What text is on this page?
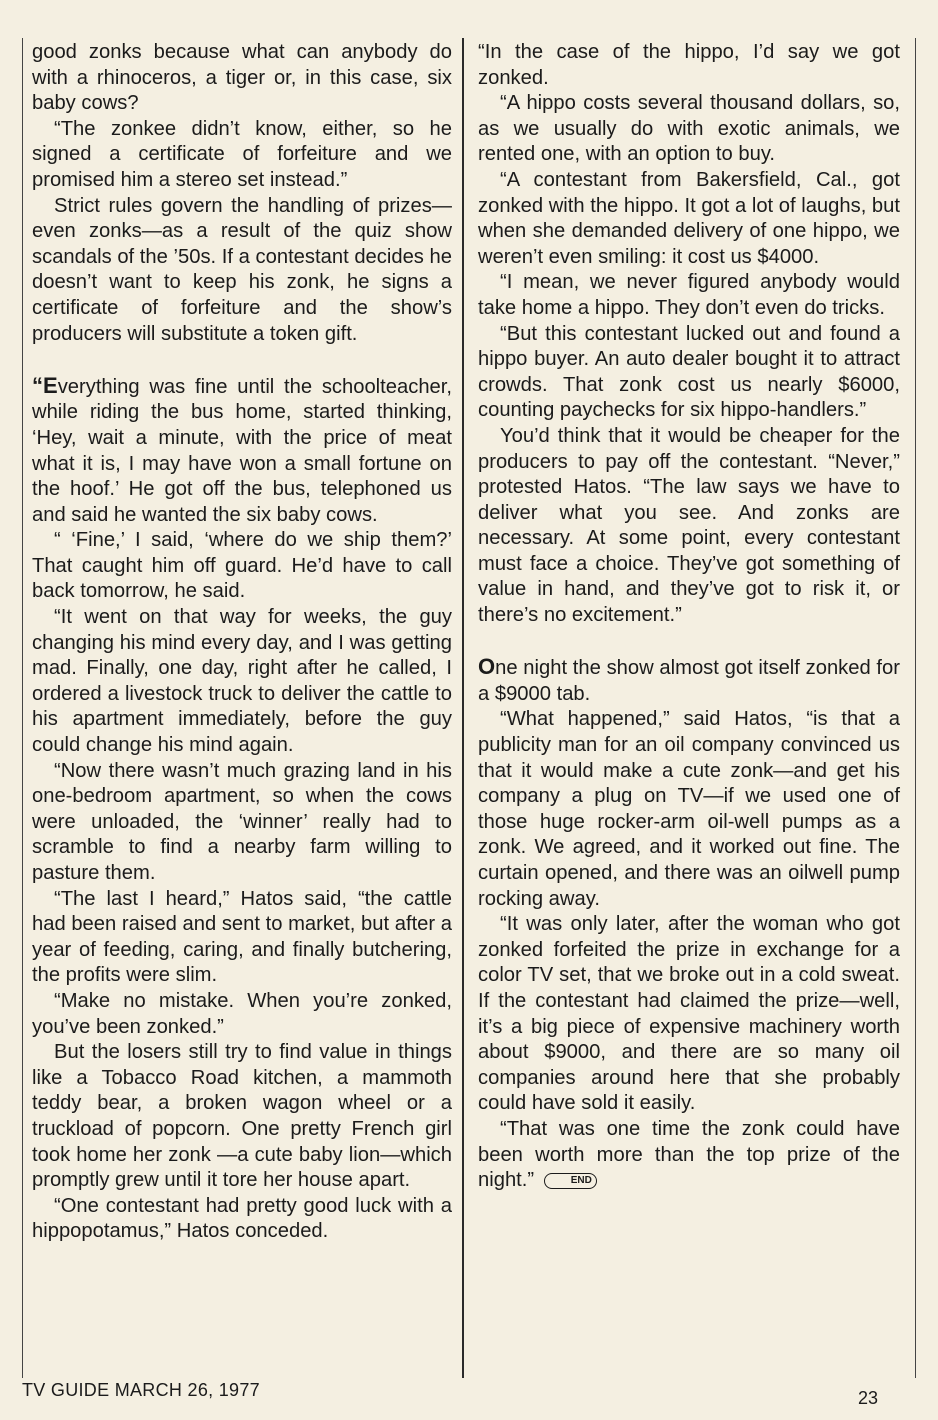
good zonks because what can anybody do with a rhinoceros, a tiger or, in this case, six baby cows?

“The zonkee didn’t know, either, so he signed a certificate of forfeiture and we promised him a stereo set instead.”

Strict rules govern the handling of prizes—even zonks—as a result of the quiz show scandals of the ’50s. If a contestant decides he doesn’t want to keep his zonk, he signs a certificate of forfeiture and the show’s producers will substitute a token gift.

“Everything was fine until the schoolteacher, while riding the bus home, started thinking, ‘Hey, wait a minute, with the price of meat what it is, I may have won a small fortune on the hoof.’ He got off the bus, telephoned us and said he wanted the six baby cows.

“ ‘Fine,’ I said, ‘where do we ship them?’ That caught him off guard. He’d have to call back tomorrow, he said.

“It went on that way for weeks, the guy changing his mind every day, and I was getting mad. Finally, one day, right after he called, I ordered a livestock truck to deliver the cattle to his apartment immediately, before the guy could change his mind again.

“Now there wasn’t much grazing land in his one-bedroom apartment, so when the cows were unloaded, the ‘winner’ really had to scramble to find a nearby farm willing to pasture them.

“The last I heard,” Hatos said, “the cattle had been raised and sent to market, but after a year of feeding, caring, and finally butchering, the profits were slim.

“Make no mistake. When you’re zonked, you’ve been zonked.”

But the losers still try to find value in things like a Tobacco Road kitchen, a mammoth teddy bear, a broken wagon wheel or a truckload of popcorn. One pretty French girl took home her zonk —a cute baby lion—which promptly grew until it tore her house apart.

“One contestant had pretty good luck with a hippopotamus,” Hatos conceded.

“In the case of the hippo, I’d say we got zonked.

“A hippo costs several thousand dollars, so, as we usually do with exotic animals, we rented one, with an option to buy.

“A contestant from Bakersfield, Cal., got zonked with the hippo. It got a lot of laughs, but when she demanded delivery of one hippo, we weren’t even smiling: it cost us $4000.

“I mean, we never figured anybody would take home a hippo. They don’t even do tricks.

“But this contestant lucked out and found a hippo buyer. An auto dealer bought it to attract crowds. That zonk cost us nearly $6000, counting paychecks for six hippo-handlers.”

You’d think that it would be cheaper for the producers to pay off the contestant. “Never,” protested Hatos. “The law says we have to deliver what you see. And zonks are necessary. At some point, every contestant must face a choice. They’ve got something of value in hand, and they’ve got to risk it, or there’s no excitement.”

One night the show almost got itself zonked for a $9000 tab.

“What happened,” said Hatos, “is that a publicity man for an oil company convinced us that it would make a cute zonk—and get his company a plug on TV—if we used one of those huge rocker-arm oil-well pumps as a zonk. We agreed, and it worked out fine. The curtain opened, and there was an oilwell pump rocking away.

“It was only later, after the woman who got zonked forfeited the prize in exchange for a color TV set, that we broke out in a cold sweat. If the contestant had claimed the prize—well, it’s a big piece of expensive machinery worth about $9000, and there are so many oil companies around here that she probably could have sold it easily.

“That was one time the zonk could have been worth more than the top prize of the night.”	END

TV GUIDE MARCH 26, 1977	23
